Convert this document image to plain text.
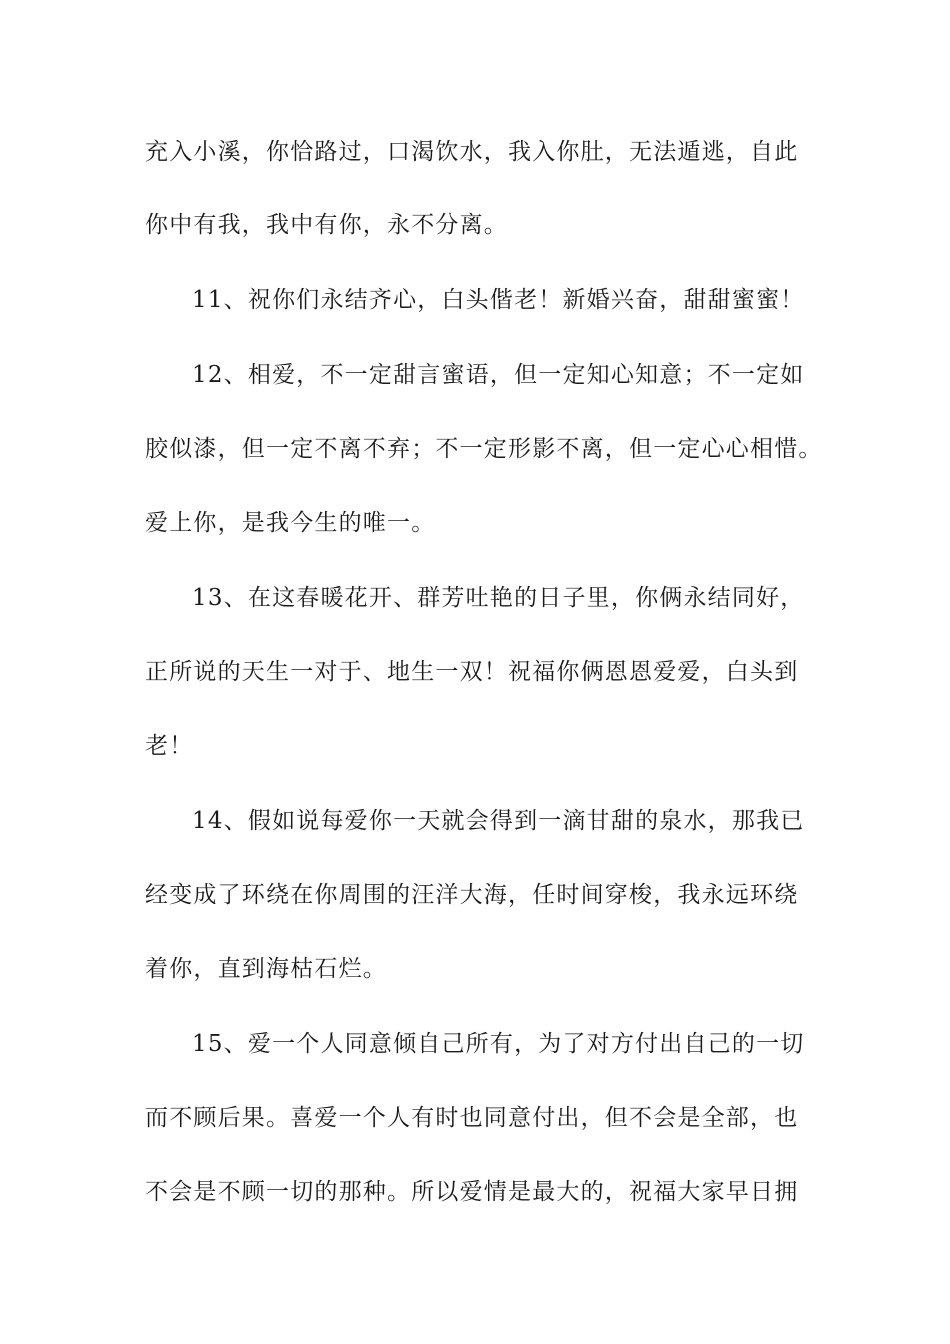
充入小溪，你恰路过，口渴饮水，我入你肚，无法遁逃，自此
你中有我，我中有你，永不分离。
11、祝你们永结齐心，白头偕老！新婚兴奋，甜甜蜜蜜！
12、相爱，不一定甜言蜜语，但一定知心知意；不一定如
胶似漆，但一定不离不弃；不一定形影不离，但一定心心相惜。
爱上你，是我今生的唯一。
13、在这春暖花开、群芳吐艳的日子里，你俩永结同好，
正所说的天生一对于、地生一双！祝福你俩恩恩爱爱，白头到
老！
14、假如说每爱你一天就会得到一滴甘甜的泉水，那我已
经变成了环绕在你周围的汪洋大海，任时间穿梭，我永远环绕
着你，直到海枯石烂。
15、爱一个人同意倾自己所有，为了对方付出自己的一切
而不顾后果。喜爱一个人有时也同意付出，但不会是全部，也
不会是不顾一切的那种。所以爱情是最大的，祝福大家早日拥
